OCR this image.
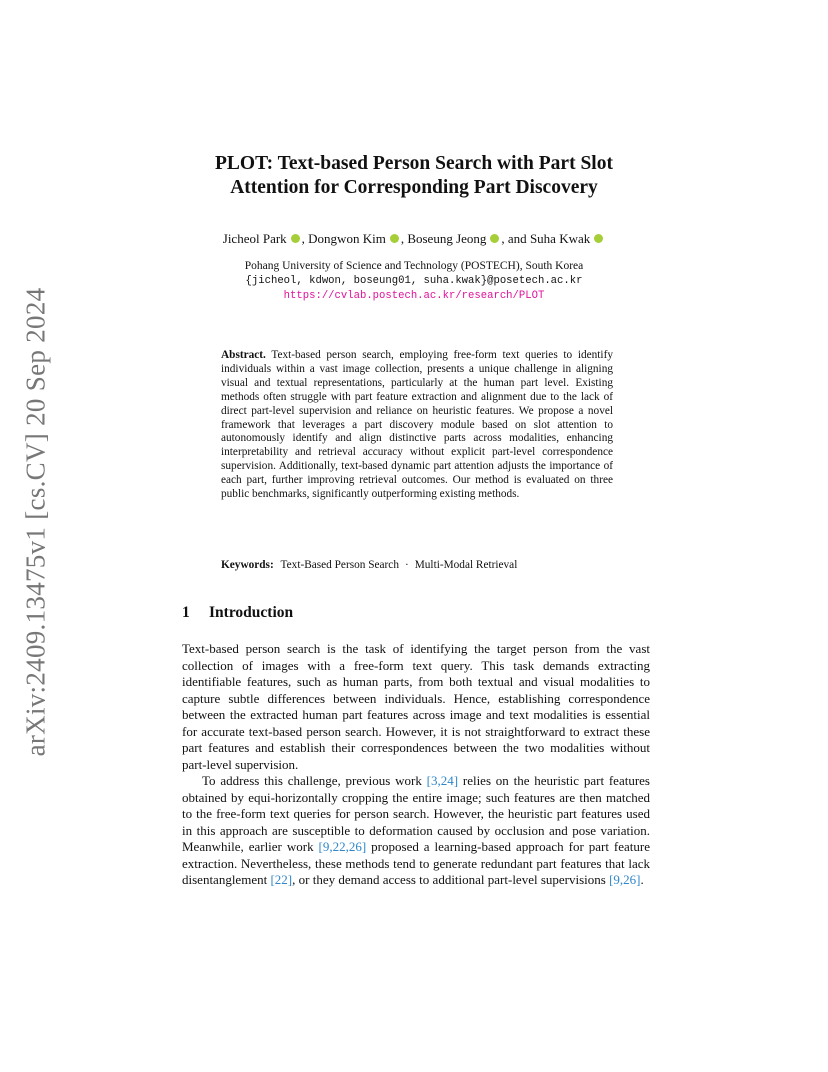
arXiv:2409.13475v1 [cs.CV] 20 Sep 2024
PLOT: Text-based Person Search with Part Slot
Attention for Corresponding Part Discovery
Jicheol Park , Dongwon Kim , Boseung Jeong , and Suha Kwak
Pohang University of Science and Technology (POSTECH), South Korea
{jicheol, kdwon, boseung01, suha.kwak}@posetech.ac.kr
https://cvlab.postech.ac.kr/research/PLOT
Abstract. Text-based person search, employing free-form text queries to identify individuals within a vast image collection, presents a unique challenge in aligning visual and textual representations, particularly at the human part level. Existing methods often struggle with part feature extraction and alignment due to the lack of direct part-level supervision and reliance on heuristic features. We propose a novel framework that leverages a part discovery module based on slot attention to autonomously identify and align distinctive parts across modalities, enhancing interpretability and retrieval accuracy without explicit part-level correspondence supervision. Additionally, text-based dynamic part attention adjusts the importance of each part, further improving retrieval outcomes. Our method is evaluated on three public benchmarks, significantly outperforming existing methods.
Keywords: Text-Based Person Search · Multi-Modal Retrieval
1 Introduction

Text-based person search is the task of identifying the target person from the vast collection of images with a free-form text query. This task demands extracting identifiable features, such as human parts, from both textual and visual modalities to capture subtle differences between individuals. Hence, establishing correspondence between the extracted human part features across image and text modalities is essential for accurate text-based person search. However, it is not straightforward to extract these part features and establish their correspondences between the two modalities without part-level supervision.

To address this challenge, previous work [3,24] relies on the heuristic part features obtained by equi-horizontally cropping the entire image; such features are then matched to the free-form text queries for person search. However, the heuristic part features used in this approach are susceptible to deformation caused by occlusion and pose variation. Meanwhile, earlier work [9,22,26] proposed a learning-based approach for part feature extraction. Nevertheless, these methods tend to generate redundant part features that lack disentanglement [22], or they demand access to additional part-level supervisions [9,26].
